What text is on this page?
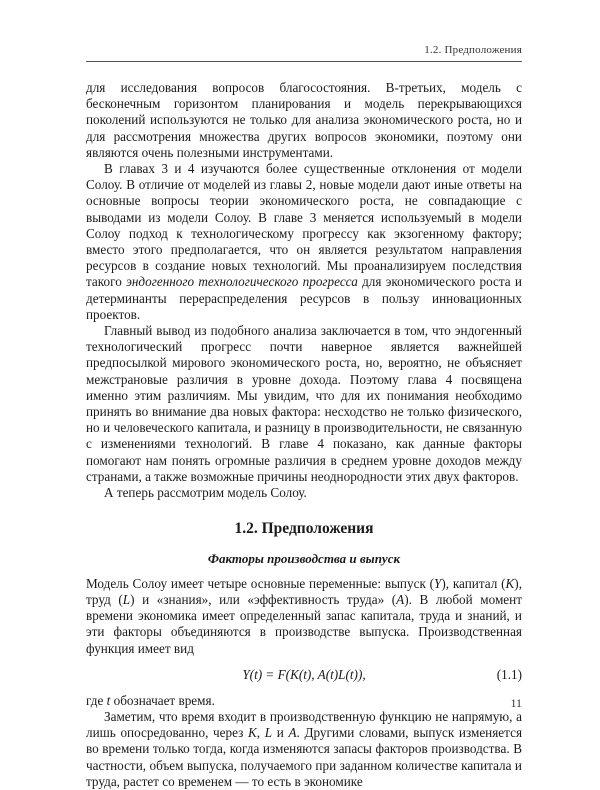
1.2. Предположения

для исследования вопросов благосостояния. В-третьих, модель с бесконечным горизонтом планирования и модель перекрывающихся поколений используются не только для анализа экономического роста, но и для рассмотрения множества других вопросов экономики, поэтому они являются очень полезными инструментами.

В главах 3 и 4 изучаются более существенные отклонения от модели Солоу. В отличие от моделей из главы 2, новые модели дают иные ответы на основные вопросы теории экономического роста, не совпадающие с выводами из модели Солоу. В главе 3 меняется используемый в модели Солоу подход к технологическому прогрессу как экзогенному фактору; вместо этого предполагается, что он является результатом направления ресурсов в создание новых технологий. Мы проанализируем последствия такого эндогенного технологического прогресса для экономического роста и детерминанты перераспределения ресурсов в пользу инновационных проектов.

Главный вывод из подобного анализа заключается в том, что эндогенный технологический прогресс почти наверное является важнейшей предпосылкой мирового экономического роста, но, вероятно, не объясняет межстрановые различия в уровне дохода. Поэтому глава 4 посвящена именно этим различиям. Мы увидим, что для их понимания необходимо принять во внимание два новых фактора: несходство не только физического, но и человеческого капитала, и разницу в производительности, не связанную с изменениями технологий. В главе 4 показано, как данные факторы помогают нам понять огромные различия в среднем уровне доходов между странами, а также возможные причины неоднородности этих двух факторов.

А теперь рассмотрим модель Солоу.

1.2. Предположения
Факторы производства и выпуск

Модель Солоу имеет четыре основные переменные: выпуск (Y), капитал (K), труд (L) и «знания», или «эффективность труда» (A). В любой момент времени экономика имеет определенный запас капитала, труда и знаний, и эти факторы объединяются в производстве выпуска. Производственная функция имеет вид

Y(t) = F(K(t), A(t)L(t)),	(1.1)

где t обозначает время.

Заметим, что время входит в производственную функцию не напрямую, а лишь опосредованно, через K, L и A. Другими словами, выпуск изменяется во времени только тогда, когда изменяются запасы факторов производства. В частности, объем выпуска, получаемого при заданном количестве капитала и труда, растет со временем — то есть в экономике

11
